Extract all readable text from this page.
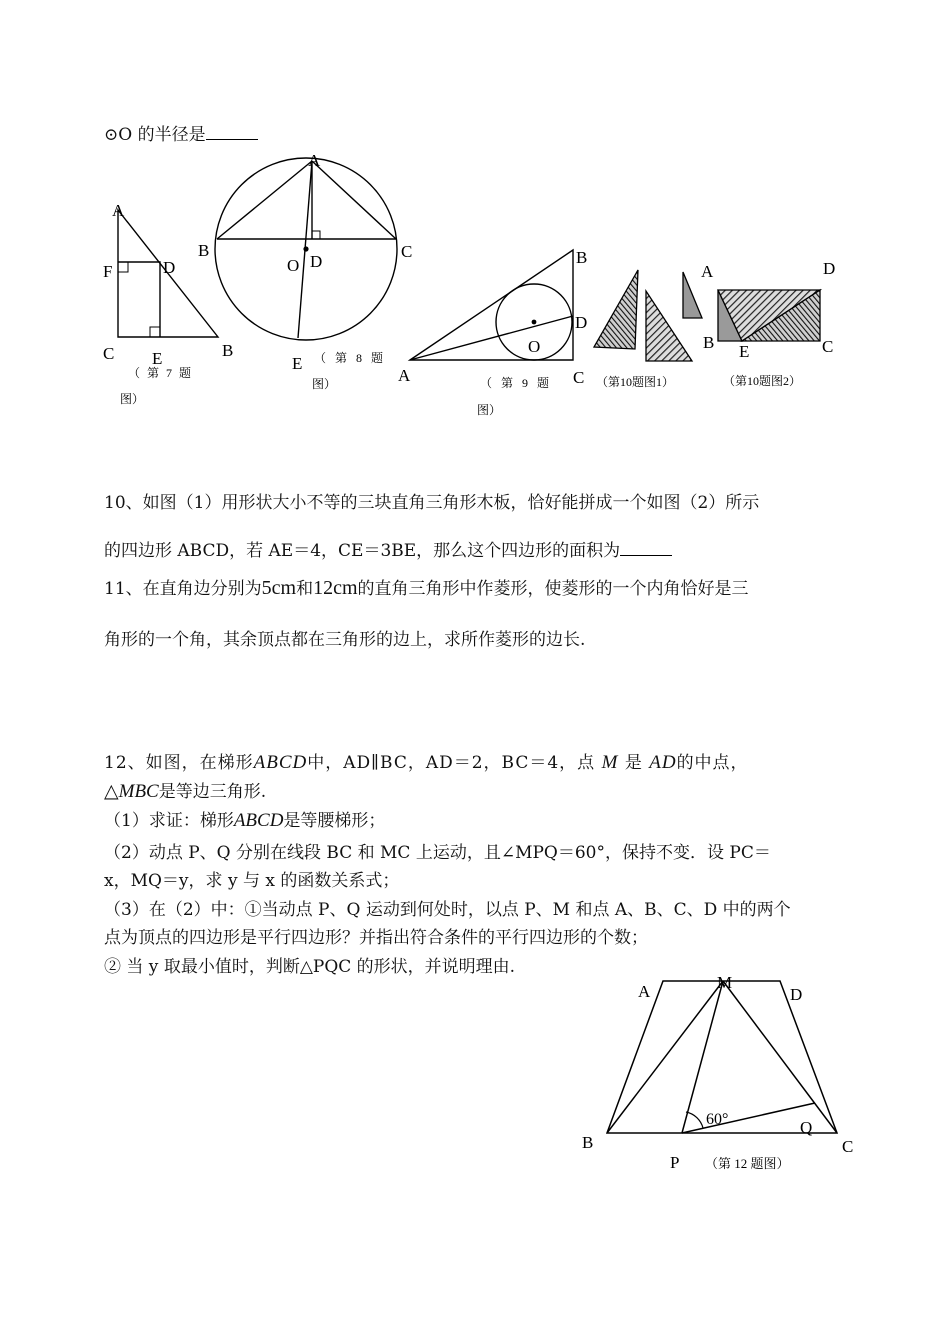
⊙O 的半径是
A
F	D
C E	B
（ 第 7 题
图）
A
B	C
O D
E （ 第 8 题
图）
B
D
O
A	C
（ 第 9 题
图）
A
（第10题图1）
D
B E	C
（第10题图2）
10、如图（1）用形状大小不等的三块直角三角形木板，恰好能拼成一个如图（2）所示
的四边形 ABCD，若 AE＝4，CE＝3BE，那么这个四边形的面积为
11、在直角边分别为5cm和12cm的直角三角形中作菱形，使菱形的一个内角恰好是三
角形的一个角，其余顶点都在三角形的边上，求所作菱形的边长.
12、如图，在梯形ABCD中，AD∥BC，AD＝2，BC＝4，点 M 是 AD的中点，
△MBC是等边三角形.
（1）求证：梯形ABCD是等腰梯形；
（2）动点 P、Q 分别在线段 BC 和 MC 上运动，且∠MPQ＝60°，保持不变．设 PC＝
x，MQ＝y，求 y 与 x 的函数关系式；
（3）在（2）中：①当动点 P、Q 运动到何处时，以点 P、M 和点 A、B、C、D 中的两个
点为顶点的四边形是平行四边形？并指出符合条件的平行四边形的个数；
② 当 y 取最小值时，判断△PQC 的形状，并说明理由.
A	M
D
60°	Q
B	C
P （第 12 题图）
